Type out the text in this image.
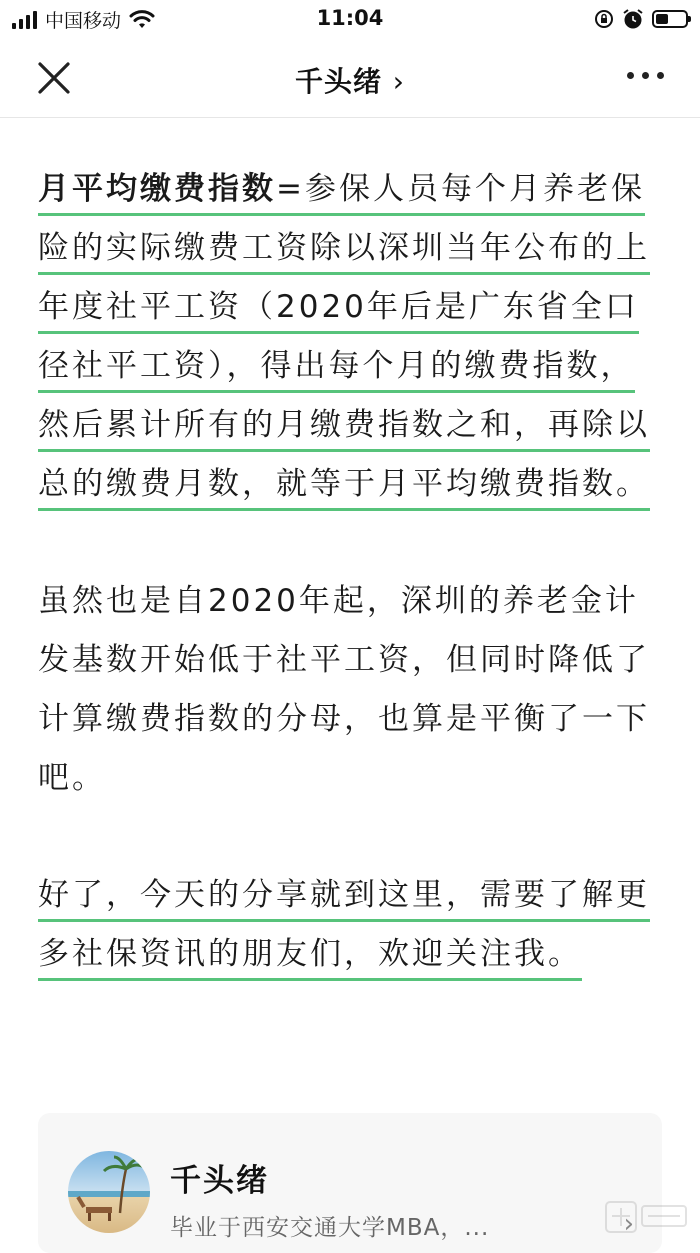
中国移动	11:04
千头绪 ›

月平均缴费指数=参保人员每个月养老保险的实际缴费工资除以深圳当年公布的上年度社平工资（2020年后是广东省全口径社平工资），得出每个月的缴费指数，然后累计所有的月缴费指数之和，再除以总的缴费月数，就等于月平均缴费指数。

虽然也是自2020年起，深圳的养老金计发基数开始低于社平工资，但同时降低了计算缴费指数的分母，也算是平衡了一下吧。

好了，今天的分享就到这里，需要了解更多社保资讯的朋友们，欢迎关注我。

千头绪
毕业于西安交通大学MBA，...	›
